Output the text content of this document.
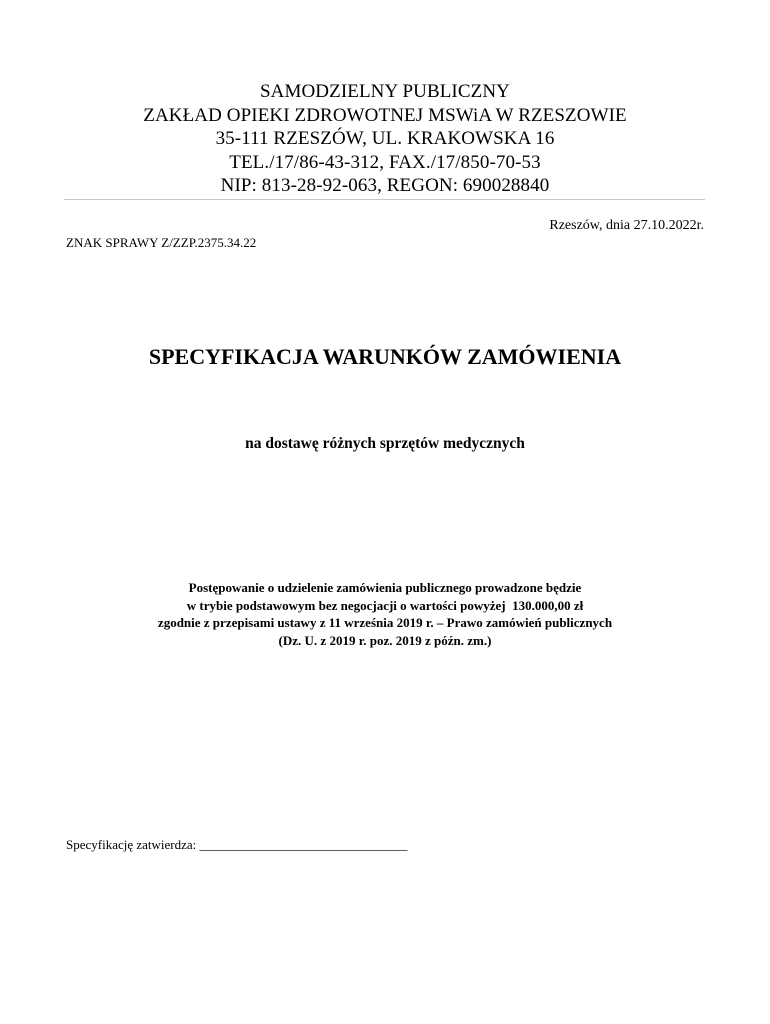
SAMODZIELNY PUBLICZNY
ZAKŁAD OPIEKI ZDROWOTNEJ MSWiA W RZESZOWIE
35-111 RZESZÓW, UL. KRAKOWSKA 16
TEL./17/86-43-312, FAX./17/850-70-53
NIP: 813-28-92-063, REGON: 690028840
Rzeszów, dnia 27.10.2022r.
ZNAK SPRAWY Z/ZZP.2375.34.22
SPECYFIKACJA WARUNKÓW ZAMÓWIENIA
na dostawę różnych sprzętów medycznych
Postępowanie o udzielenie zamówienia publicznego prowadzone będzie
w trybie podstawowym bez negocjacji o wartości powyżej  130.000,00 zł
zgodnie z przepisami ustawy z 11 września 2019 r. – Prawo zamówień publicznych
(Dz. U. z 2019 r. poz. 2019 z późn. zm.)
Specyfikację zatwierdza: ________________________________
